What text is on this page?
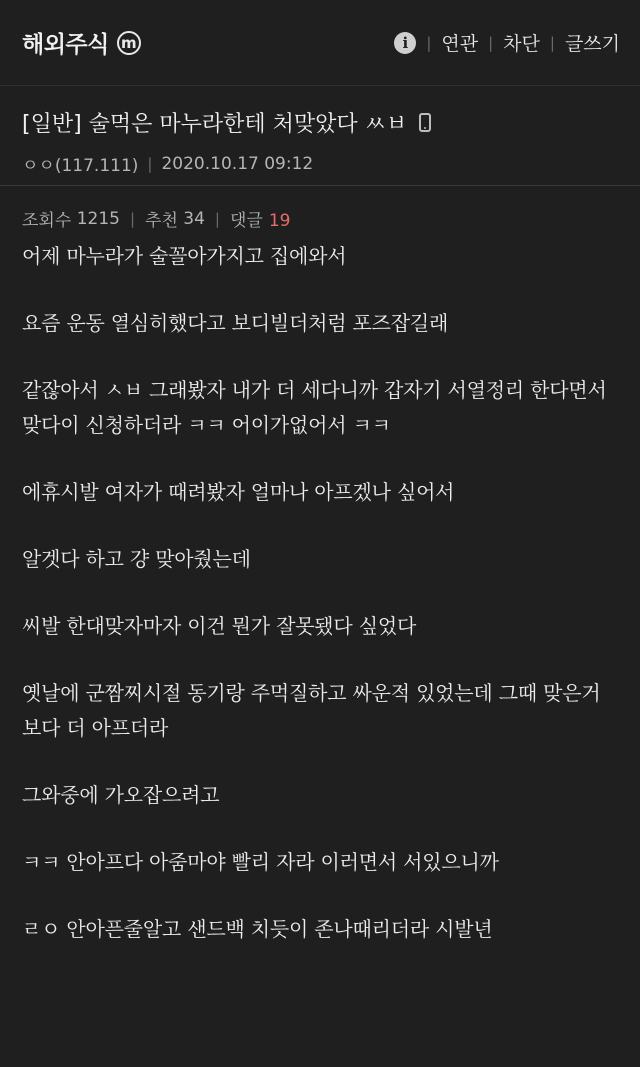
해외주식 m	i	| 연관 | 차단 | 글쓰기
[일반] 술먹은 마누라한테 처맞았다 ㅆㅂ
ㅇㅇ(117.111) | 2020.10.17 09:12
조회수
1215 | 추천
34 | 댓글 19

어제 마누라가 술꼴아가지고 집에와서

요즘 운동 열심히했다고 보디빌더처럼 포즈잡길래

같잖아서 ㅅㅂ 그래봤자 내가 더 세다니까 갑자기 서열정리 한다면서 맞다이 신청하더라 ㅋㅋ 어이가없어서 ㅋㅋ

에휴시발 여자가 때려봤자 얼마나 아프겠나 싶어서

알겟다 하고 걍 맞아줬는데

씨발 한대맞자마자 이건 뭔가 잘못됐다 싶었다

옛날에 군짬찌시절 동기랑 주먹질하고 싸운적 있었는데 그때 맞은거보다 더 아프더라

그와중에 가오잡으려고

ㅋㅋ 안아프다 아줌마야 빨리 자라 이러면서 서있으니까

ㄹㅇ 안아픈줄알고 샌드백 치듯이 존나때리더라 시발년
